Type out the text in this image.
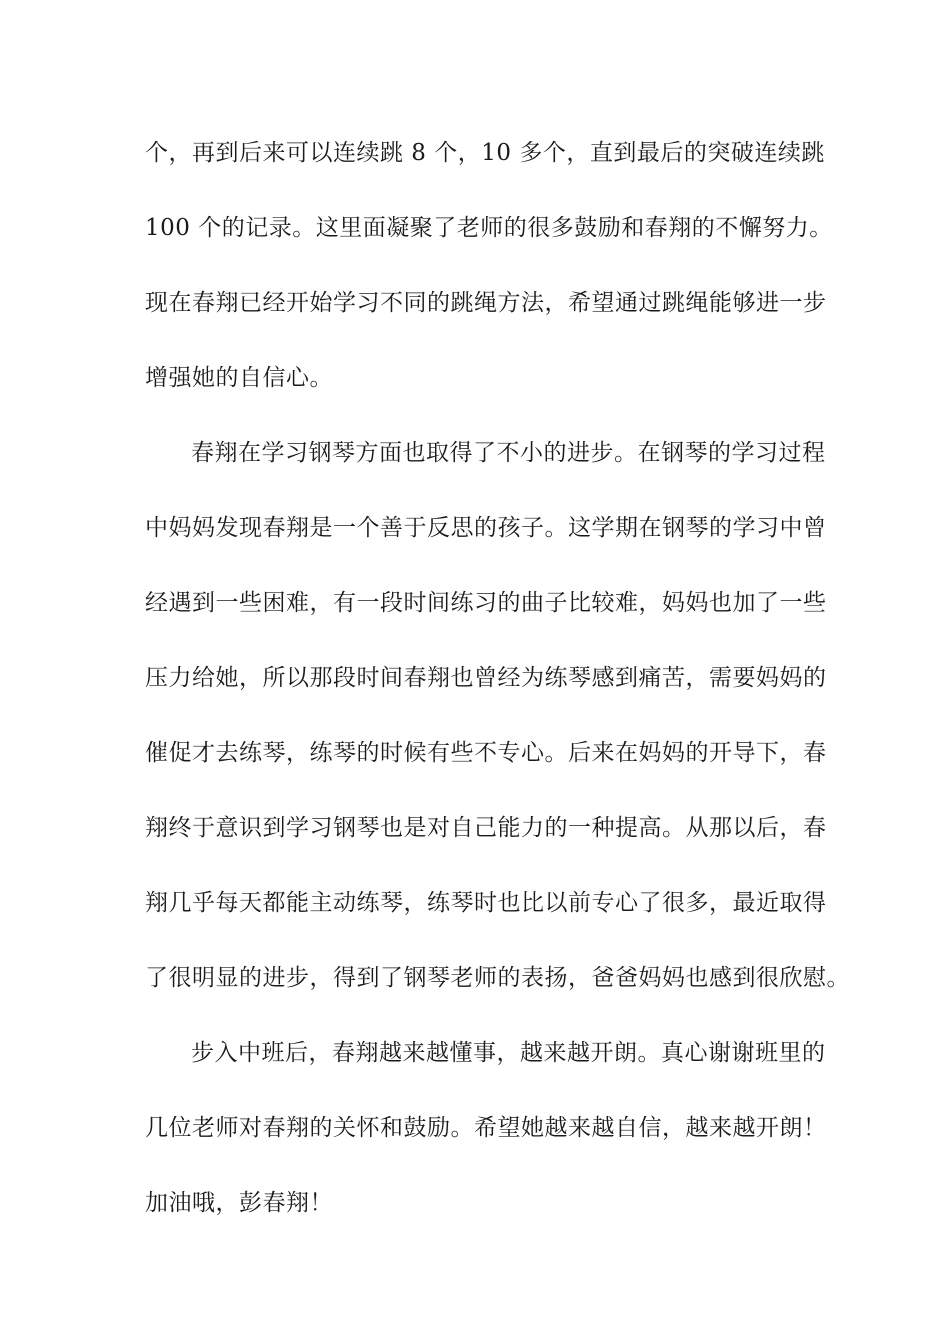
个，再到后来可以连续跳 8 个，10 多个，直到最后的突破连续跳
100 个的记录。这里面凝聚了老师的很多鼓励和春翔的不懈努力。
现在春翔已经开始学习不同的跳绳方法，希望通过跳绳能够进一步
增强她的自信心。
春翔在学习钢琴方面也取得了不小的进步。在钢琴的学习过程
中妈妈发现春翔是一个善于反思的孩子。这学期在钢琴的学习中曾
经遇到一些困难，有一段时间练习的曲子比较难，妈妈也加了一些
压力给她，所以那段时间春翔也曾经为练琴感到痛苦，需要妈妈的
催促才去练琴，练琴的时候有些不专心。后来在妈妈的开导下，春
翔终于意识到学习钢琴也是对自己能力的一种提高。从那以后，春
翔几乎每天都能主动练琴，练琴时也比以前专心了很多，最近取得
了很明显的进步，得到了钢琴老师的表扬，爸爸妈妈也感到很欣慰。
步入中班后，春翔越来越懂事，越来越开朗。真心谢谢班里的
几位老师对春翔的关怀和鼓励。希望她越来越自信，越来越开朗！
加油哦，彭春翔！
